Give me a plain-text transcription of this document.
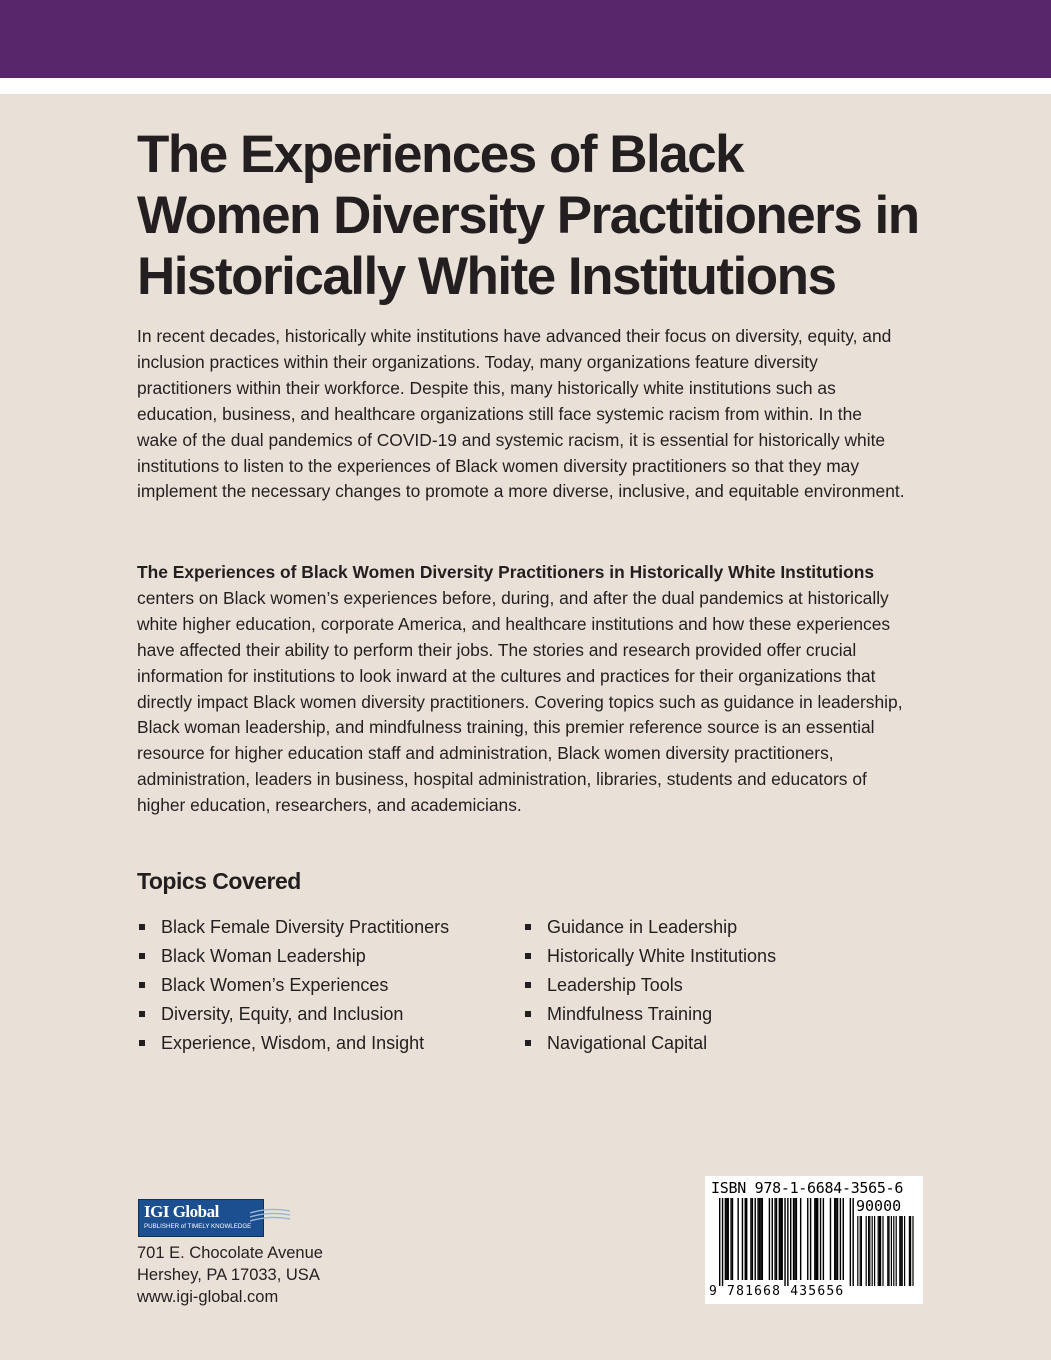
The Experiences of Black
Women Diversity Practitioners in
Historically White Institutions

In recent decades, historically white institutions have advanced their focus on diversity, equity, and inclusion practices within their organizations. Today, many organizations feature diversity practitioners within their workforce. Despite this, many historically white institutions such as education, business, and healthcare organizations still face systemic racism from within. In the wake of the dual pandemics of COVID-19 and systemic racism, it is essential for historically white institutions to listen to the experiences of Black women diversity practitioners so that they may implement the necessary changes to promote a more diverse, inclusive, and equitable environment.

The Experiences of Black Women Diversity Practitioners in Historically White Institutions centers on Black women’s experiences before, during, and after the dual pandemics at historically white higher education, corporate America, and healthcare institutions and how these experiences have affected their ability to perform their jobs. The stories and research provided offer crucial information for institutions to look inward at the cultures and practices for their organizations that directly impact Black women diversity practitioners. Covering topics such as guidance in leadership, Black woman leadership, and mindfulness training, this premier reference source is an essential resource for higher education staff and administration, Black women diversity practitioners, administration, leaders in business, hospital administration, libraries, students and educators of higher education, researchers, and academicians.

Topics Covered
Black Female Diversity Practitioners
Black Woman Leadership
Black Women’s Experiences
Diversity, Equity, and Inclusion
Experience, Wisdom, and Insight
Guidance in Leadership
Historically White Institutions
Leadership Tools
Mindfulness Training
Navigational Capital
IGI Global
PUBLISHER of TIMELY KNOWLEDGE

701 E. Chocolate Avenue
Hershey, PA 17033, USA
www.igi-global.com

ISBN 978-1-6684-3565-6
90000
9 781668 435656
